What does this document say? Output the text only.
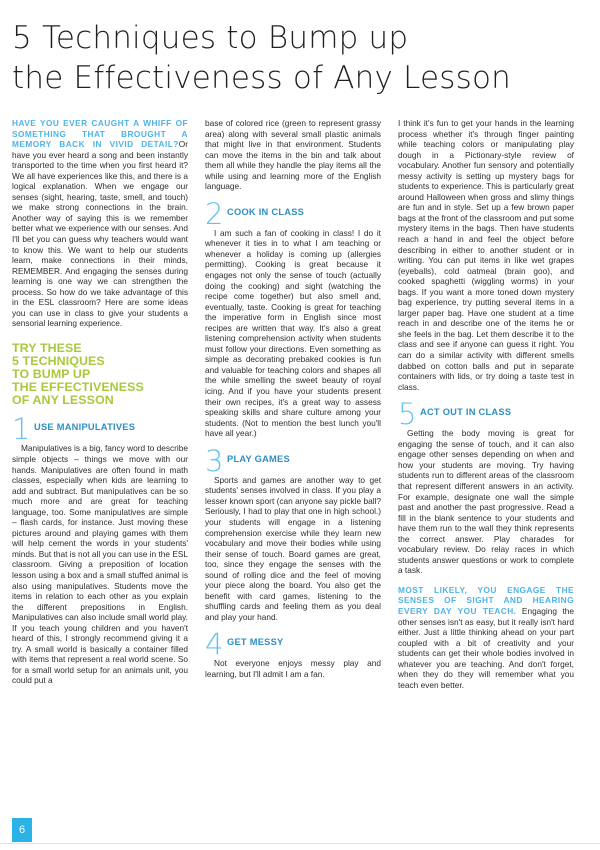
5 Techniques to Bump up
the Effectiveness of Any Lesson

HAVE YOU EVER CAUGHT A WHIFF OF SOMETHING THAT BROUGHT A MEMORY BACK IN VIVID DETAIL?Or have you ever heard a song and been instantly transported to the time when you first heard it? We all have experiences like this, and there is a logical explanation. When we engage our senses (sight, hearing, taste, smell, and touch) we make strong connections in the brain. Another way of saying this is we remember better what we experience with our senses. And I'll bet you can guess why teachers would want to know this. We want to help our students learn, make connections in their minds, REMEMBER. And engaging the senses during learning is one way we can strengthen the process. So how do we take advantage of this in the ESL classroom? Here are some ideas you can use in class to give your students a sensorial learning experience.

TRY THESE
5 TECHNIQUES
TO BUMP UP
THE EFFECTIVENESS
OF ANY LESSON
1 USE MANIPULATIVES

Manipulatives is a big, fancy word to describe simple objects – things we move with our hands. Manipulatives are often found in math classes, especially when kids are learning to add and subtract. But manipulatives can be so much more and are great for teaching language, too. Some manipulatives are simple – flash cards, for instance. Just moving these pictures around and playing games with them will help cement the words in your students' minds. But that is not all you can use in the ESL classroom. Giving a preposition of location lesson using a box and a small stuffed animal is also using manipulatives. Students move the items in relation to each other as you explain the different prepositions in English. Manipulatives can also include small world play. If you teach young children and you haven't heard of this, I strongly recommend giving it a try. A small world is basically a container filled with items that represent a real world scene. So for a small world setup for an animals unit, you could put a

base of colored rice (green to represent grassy area) along with several small plastic animals that might live in that environment. Students can move the items in the bin and talk about them all while they handle the play items all the while using and learning more of the English language.

2 COOK IN CLASS

I am such a fan of cooking in class! I do it whenever it ties in to what I am teaching or whenever a holiday is coming up (allergies permitting). Cooking is great because it engages not only the sense of touch (actually doing the cooking) and sight (watching the recipe come together) but also smell and, eventually, taste. Cooking is great for teaching the imperative form in English since most recipes are written that way. It's also a great listening comprehension activity when students must follow your directions. Even something as simple as decorating prebaked cookies is fun and valuable for teaching colors and shapes all the while smelling the sweet beauty of royal icing. And if you have your students present their own recipes, it's a great way to assess speaking skills and share culture among your students. (Not to mention the best lunch you'll have all year.)

3 PLAY GAMES

Sports and games are another way to get students' senses involved in class. If you play a lesser known sport (can anyone say pickle ball? Seriously, I had to play that one in high school.) your students will engage in a listening comprehension exercise while they learn new vocabulary and move their bodies while using their sense of touch. Board games are great, too, since they engage the senses with the sound of rolling dice and the feel of moving your piece along the board. You also get the benefit with card games, listening to the shuffling cards and feeling them as you deal and play your hand.

4 GET MESSY

Not everyone enjoys messy play and learning, but I'll admit I am a fan.

I think it's fun to get your hands in the learning process whether it's through finger painting while teaching colors or manipulating play dough in a Pictionary-style review of vocabulary. Another fun sensory and potentially messy activity is setting up mystery bags for students to experience. This is particularly great around Halloween when gross and slimy things are fun and in style. Set up a few brown paper bags at the front of the classroom and put some mystery items in the bags. Then have students reach a hand in and feel the object before describing in either to another student or in writing. You can put items in like wet grapes (eyeballs), cold oatmeal (brain goo), and cooked spaghetti (wiggling worms) in your bags. If you want a more toned down mystery bag experience, try putting several items in a larger paper bag. Have one student at a time reach in and describe one of the items he or she feels in the bag. Let them describe it to the class and see if anyone can guess it right. You can do a similar activity with different smells dabbed on cotton balls and put in separate containers with lids, or try doing a taste test in class.

5 ACT OUT IN CLASS

Getting the body moving is great for engaging the sense of touch, and it can also engage other senses depending on when and how your students are moving. Try having students run to different areas of the classroom that represent different answers in an activity. For example, designate one wall the simple past and another the past progressive. Read a fill in the blank sentence to your students and have them run to the wall they think represents the correct answer. Play charades for vocabulary review. Do relay races in which students answer questions or work to complete a task.

MOST LIKELY, YOU ENGAGE THE SENSES OF SIGHT AND HEARING EVERY DAY YOU TEACH. Engaging the other senses isn't as easy, but it really isn't hard either. Just a little thinking ahead on your part coupled with a bit of creativity and your students can get their whole bodies involved in whatever you are teaching. And don't forget, when they do they will remember what you teach even better.

6
